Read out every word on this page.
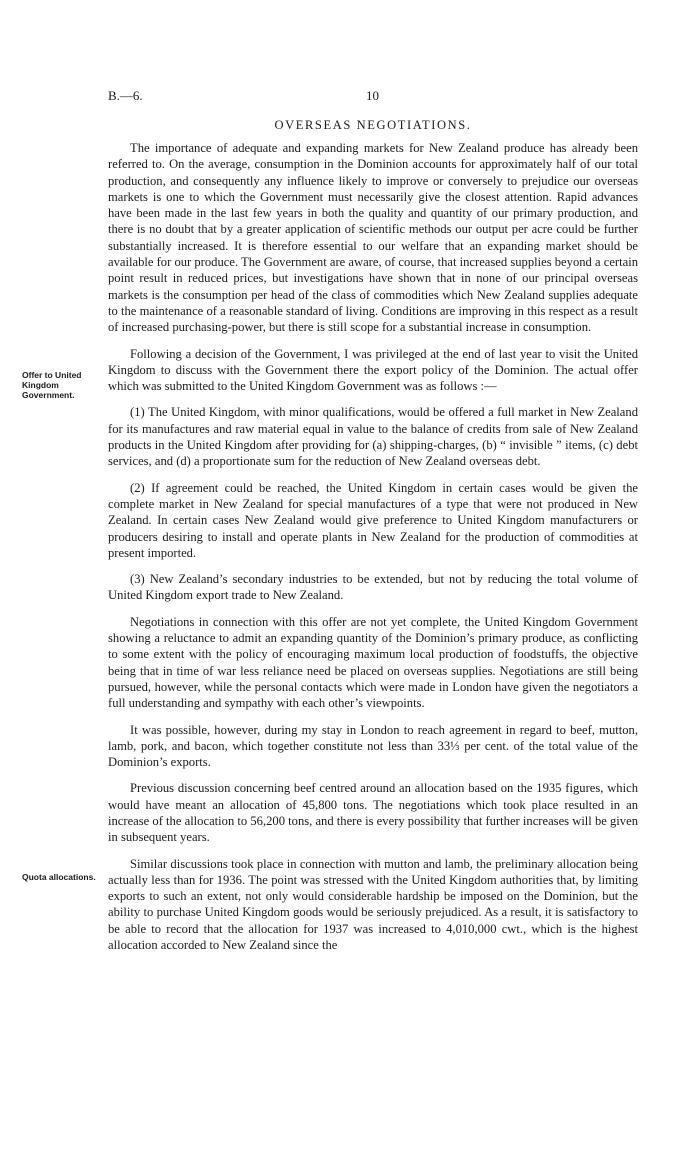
B.—6.	10
OVERSEAS NEGOTIATIONS.
Offer to United Kingdom Government.
Quota allocations.

The importance of adequate and expanding markets for New Zealand produce has already been referred to. On the average, consumption in the Dominion accounts for approximately half of our total production, and consequently any influence likely to improve or conversely to prejudice our overseas markets is one to which the Government must necessarily give the closest attention. Rapid advances have been made in the last few years in both the quality and quantity of our primary production, and there is no doubt that by a greater application of scientific methods our output per acre could be further substantially increased. It is therefore essential to our welfare that an expanding market should be available for our produce. The Government are aware, of course, that increased supplies beyond a certain point result in reduced prices, but investigations have shown that in none of our principal overseas markets is the consumption per head of the class of commodities which New Zealand supplies adequate to the maintenance of a reasonable standard of living. Conditions are improving in this respect as a result of increased purchasing-power, but there is still scope for a substantial increase in consumption.

Following a decision of the Government, I was privileged at the end of last year to visit the United Kingdom to discuss with the Government there the export policy of the Dominion. The actual offer which was submitted to the United Kingdom Government was as follows :—

(1) The United Kingdom, with minor qualifications, would be offered a full market in New Zealand for its manufactures and raw material equal in value to the balance of credits from sale of New Zealand products in the United Kingdom after providing for (a) shipping-charges, (b) “ invisible ” items, (c) debt services, and (d) a proportionate sum for the reduction of New Zealand overseas debt.

(2) If agreement could be reached, the United Kingdom in certain cases would be given the complete market in New Zealand for special manufactures of a type that were not produced in New Zealand. In certain cases New Zealand would give preference to United Kingdom manufacturers or producers desiring to install and operate plants in New Zealand for the production of commodities at present imported.

(3) New Zealand’s secondary industries to be extended, but not by reducing the total volume of United Kingdom export trade to New Zealand.

Negotiations in connection with this offer are not yet complete, the United Kingdom Government showing a reluctance to admit an expanding quantity of the Dominion’s primary produce, as conflicting to some extent with the policy of encouraging maximum local production of foodstuffs, the objective being that in time of war less reliance need be placed on overseas supplies. Negotiations are still being pursued, however, while the personal contacts which were made in London have given the negotiators a full understanding and sympathy with each other’s viewpoints.

It was possible, however, during my stay in London to reach agreement in regard to beef, mutton, lamb, pork, and bacon, which together constitute not less than 33⅓ per cent. of the total value of the Dominion’s exports.

Previous discussion concerning beef centred around an allocation based on the 1935 figures, which would have meant an allocation of 45,800 tons. The negotiations which took place resulted in an increase of the allocation to 56,200 tons, and there is every possibility that further increases will be given in subsequent years.

Similar discussions took place in connection with mutton and lamb, the preliminary allocation being actually less than for 1936. The point was stressed with the United Kingdom authorities that, by limiting exports to such an extent, not only would considerable hardship be imposed on the Dominion, but the ability to purchase United Kingdom goods would be seriously prejudiced. As a result, it is satisfactory to be able to record that the allocation for 1937 was increased to 4,010,000 cwt., which is the highest allocation accorded to New Zealand since the
